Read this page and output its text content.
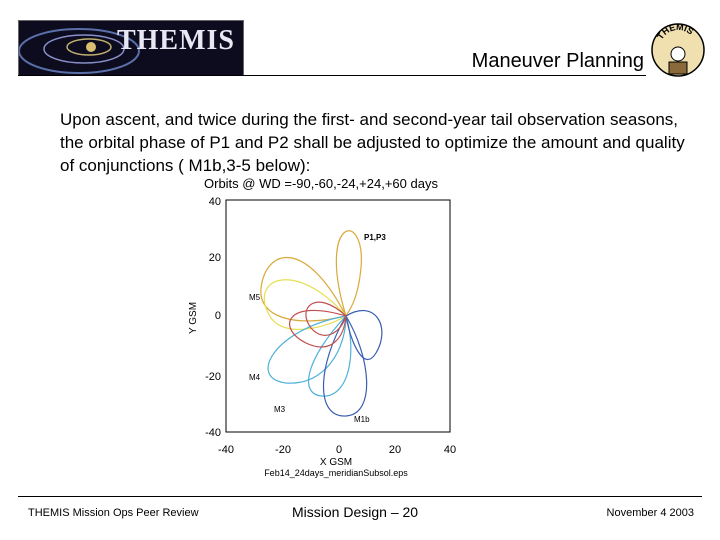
THEMIS
Maneuver Planning
THEMIS
Upon ascent, and twice during the first- and second-year tail observation seasons, the orbital phase of P1 and P2 shall be adjusted to optimize the amount and quality of conjunctions ( M1b,3-5 below):
Orbits @ WD =-90,-60,-24,+24,+60 days
40
20
0
-20
-40
-40	-20	0	20	40
X GSM
Y GSM
Feb14_24days_meridianSubsol.eps
P1,P3
M5
M4
M3
M1b
THEMIS Mission Ops Peer Review	Mission Design – 20	November 4 2003
